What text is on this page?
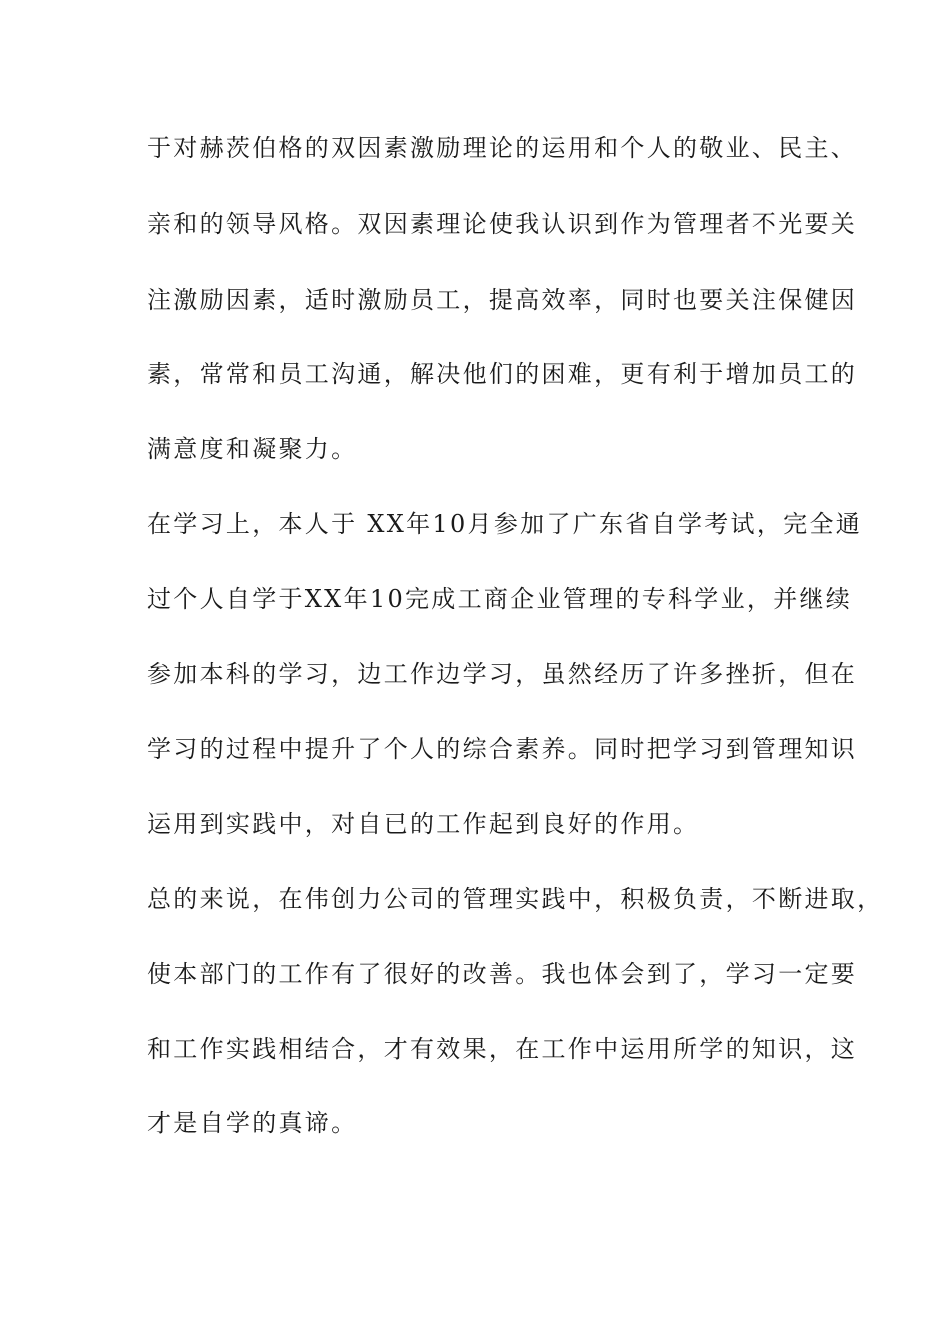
于对赫茨伯格的双因素激励理论的运用和个人的敬业、民主、
亲和的领导风格。双因素理论使我认识到作为管理者不光要关
注激励因素，适时激励员工，提高效率，同时也要关注保健因
素，常常和员工沟通，解决他们的困难，更有利于增加员工的
满意度和凝聚力。
在学习上，本人于 XX年10月参加了广东省自学考试，完全通
过个人自学于XX年10完成工商企业管理的专科学业，并继续
参加本科的学习，边工作边学习，虽然经历了许多挫折，但在
学习的过程中提升了个人的综合素养。同时把学习到管理知识
运用到实践中，对自已的工作起到良好的作用。
总的来说，在伟创力公司的管理实践中，积极负责，不断进取，
使本部门的工作有了很好的改善。我也体会到了，学习一定要
和工作实践相结合，才有效果，在工作中运用所学的知识，这
才是自学的真谛。
